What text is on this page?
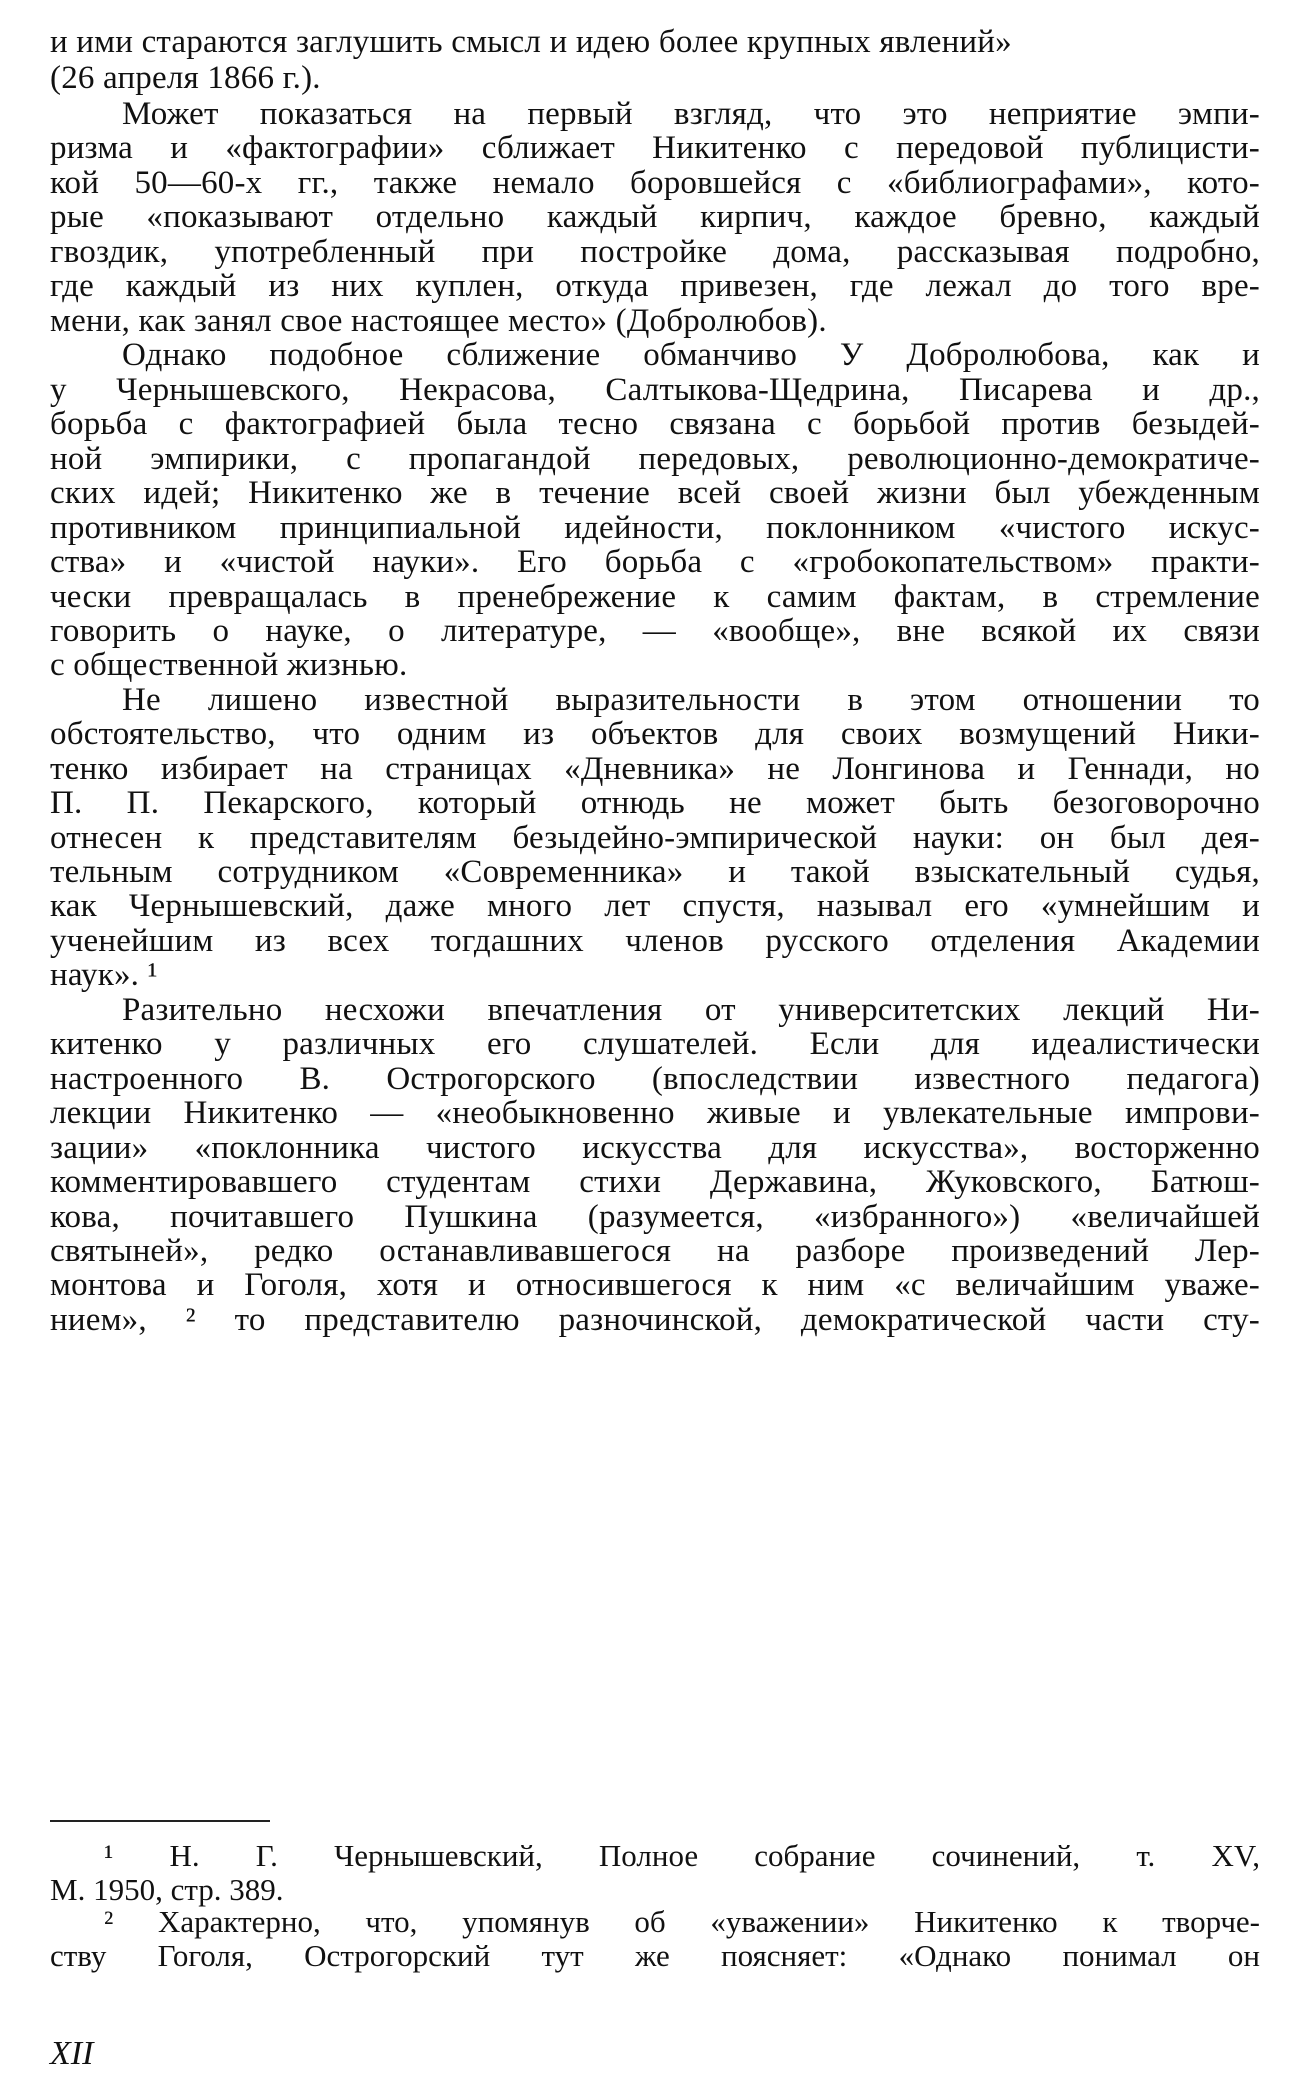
и ими стараются заглушить смысл и идею более крупных явлений»
(26 апреля 1866 г.).
Может показаться на первый взгляд, что это неприятие эмпи-
ризма и «фактографии» сближает Никитенко с передовой публицисти-
кой 50—60-х гг., также немало боровшейся с «библиографами», кото-
рые «показывают отдельно каждый кирпич, каждое бревно, каждый
гвоздик, употребленный при постройке дома, рассказывая подробно,
где каждый из них куплен, откуда привезен, где лежал до того вре-
мени, как занял свое настоящее место» (Добролюбов).
Однако подобное сближение обманчиво У Добролюбова, как и
у Чернышевского, Некрасова, Салтыкова-Щедрина, Писарева и др.,
борьба с фактографией была тесно связана с борьбой против безыдей-
ной эмпирики, с пропагандой передовых, революционно-демократиче-
ских идей; Никитенко же в течение всей своей жизни был убежденным
противником принципиальной идейности, поклонником «чистого искус-
ства» и «чистой науки». Его борьба с «гробокопательством» практи-
чески превращалась в пренебрежение к самим фактам, в стремление
говорить о науке, о литературе, — «вообще», вне всякой их связи
с общественной жизнью.
Не лишено известной выразительности в этом отношении то
обстоятельство, что одним из объектов для своих возмущений Ники-
тенко избирает на страницах «Дневника» не Лонгинова и Геннади, но
П. П. Пекарского, который отнюдь не может быть безоговорочно
отнесен к представителям безыдейно-эмпирической науки: он был дея-
тельным сотрудником «Современника» и такой взыскательный судья,
как Чернышевский, даже много лет спустя, называл его «умнейшим и
ученейшим из всех тогдашних членов русского отделения Академии
наук». ¹
Разительно несхожи впечатления от университетских лекций Ни-
китенко у различных его слушателей. Если для идеалистически
настроенного В. Острогорского (впоследствии известного педагога)
лекции Никитенко — «необыкновенно живые и увлекательные импрови-
зации» «поклонника чистого искусства для искусства», восторженно
комментировавшего студентам стихи Державина, Жуковского, Батюш-
кова, почитавшего Пушкина (разумеется, «избранного») «величайшей
святыней», редко останавливавшегося на разборе произведений Лер-
монтова и Гоголя, хотя и относившегося к ним «с величайшим уваже-
нием», ² то представителю разночинской, демократической части сту-
¹ Н. Г. Чернышевский, Полное собрание сочинений, т. XV,
М. 1950, стр. 389.
² Характерно, что, упомянув об «уважении» Никитенко к творче-
ству Гоголя, Острогорский тут же поясняет: «Однако понимал он
XII
